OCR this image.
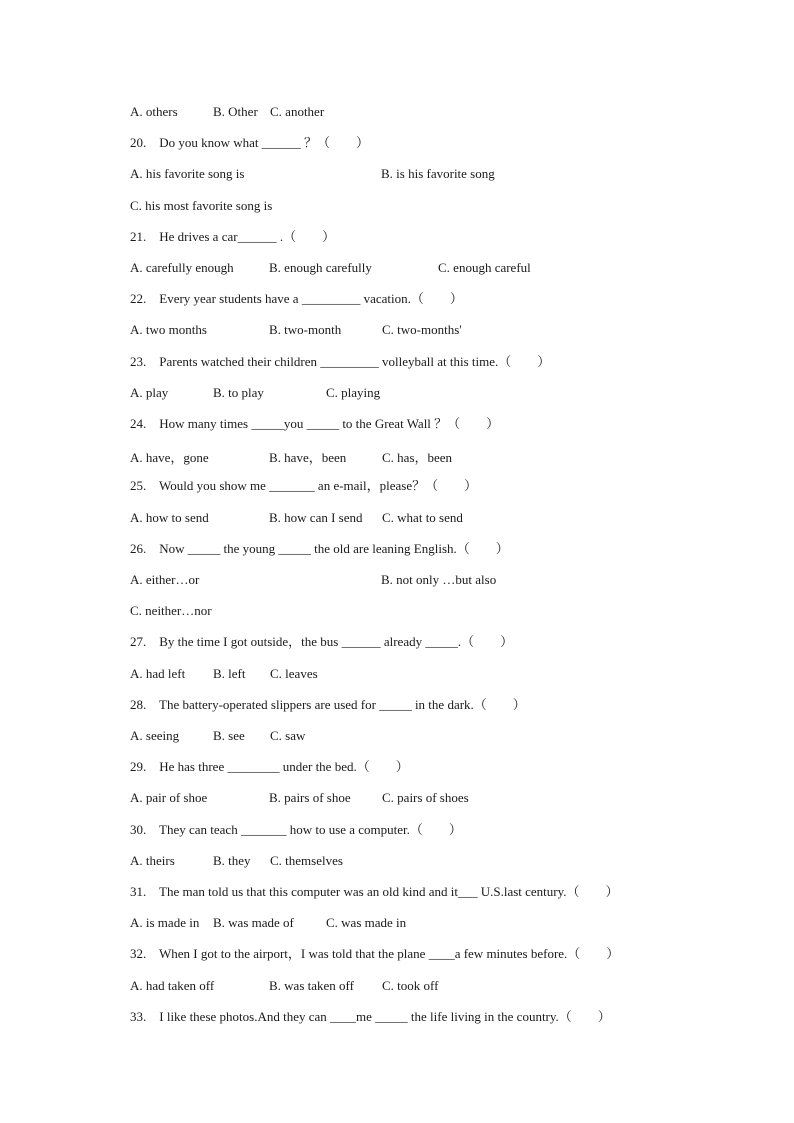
A. others	B. Other C. another
20.    Do you know what ______ ？（        ）
A. his favorite song is	B. is his favorite song
C. his most favorite song is
21.    He drives a car______ .（        ）
A. carefully enough	B. enough carefully	C. enough careful
22.    Every year students have a _________ vacation.（        ）
A. two months	B. two-month	C. two-months'
23.    Parents watched their children _________ volleyball at this time.（        ）
A. play	B. to play	C. playing
24.    How many times _____you _____ to the Great Wall ？（        ）
A. have，gone	B. have，been	C. has，been
25.    Would you show me _______ an e-mail，please？（        ）
A. how to send	B. how can I send C. what to send
26.    Now _____ the young _____ the old are leaning English.（        ）
A. either…or	B. not only …but also
C. neither…nor
27.    By the time I got outside，the bus ______ already _____.（        ）
A. had left B. left C. leaves
28.    The battery-operated slippers are used for _____ in the dark.（        ）
A. seeing	B. see C. saw
29.    He has three ________ under the bed.（        ）
A. pair of shoe	B. pairs of shoe C. pairs of shoes
30.    They can teach _______ how to use a computer.（        ）
A. theirs	B. they C. themselves
31.    The man told us that this computer was an old kind and it___ U.S.last century.（        ）
A. is made in B. was made of C. was made in
32.    When I got to the airport，I was told that the plane ____a few minutes before.（        ）
A. had taken off	B. was taken off C. took off
33.    I like these photos.And they can ____me _____ the life living in the country.（        ）
